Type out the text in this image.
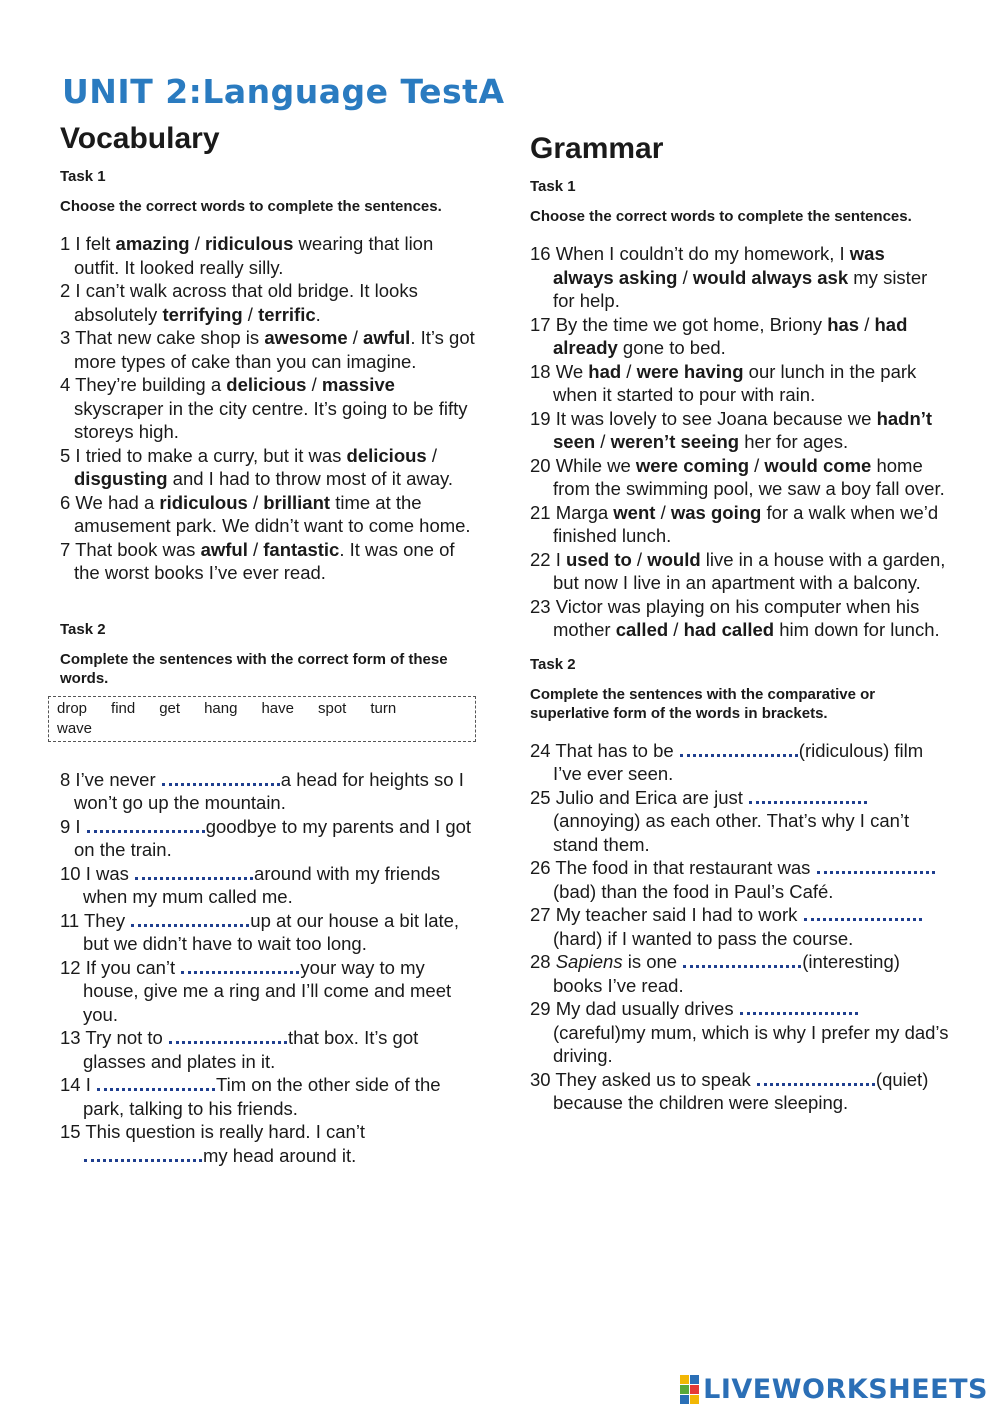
UNIT 2:Language TestA
Vocabulary
Task 1
Choose the correct words to complete the sentences.
1 I felt amazing / ridiculous wearing that lion outfit. It looked really silly.
2 I can’t walk across that old bridge. It looks absolutely terrifying / terrific.
3 That new cake shop is awesome / awful. It’s got more types of cake than you can imagine.
4 They’re building a delicious / massive skyscraper in the city centre. It’s going to be fifty storeys high.
5 I tried to make a curry, but it was delicious / disgusting and I had to throw most of it away.
6 We had a ridiculous / brilliant time at the amusement park. We didn’t want to come home.
7 That book was awful / fantastic. It was one of the worst books I’ve ever read.
Task 2
Complete the sentences with the correct form of these words.
drop find get hang have spot turnwave
8 I’ve never	a head for heights so I won’t go up the mountain.
9 I	goodbye to my parents and I got on the train.
10 I was	around with my friends when my mum called me.
11 They	up at our house a bit late, but we didn’t have to wait too long.
12 If you can’t	your way to my house, give me a ring and I’ll come and meet you.
13 Try not to	that box. It’s got glasses and plates in it.
14 I	Tim on the other side of the park, talking to his friends.
15 This question is really hard. I can’t my head around it.
Grammar
Task 1
Choose the correct words to complete the sentences.
16 When I couldn’t do my homework, I was always asking / would always ask my sister for help.
17 By the time we got home, Briony has / had already gone to bed.
18 We had / were having our lunch in the park when it started to pour with rain.
19 It was lovely to see Joana because we hadn’t seen / weren’t seeing her for ages.
20 While we were coming / would come home from the swimming pool, we saw a boy fall over.
21 Marga went / was going for a walk when we’d finished lunch.
22 I used to / would live in a house with a garden, but now I live in an apartment with a balcony.
23 Victor was playing on his computer when his mother called / had called him down for lunch.
Task 2
Complete the sentences with the comparative or superlative form of the words in brackets.
24 That has to be	(ridiculous) film I’ve ever seen.
25 Julio and Erica are just (annoying) as each other. That’s why I can’t stand them.
26 The food in that restaurant was (bad) than the food in Paul’s Café.
27 My teacher said I had to work (hard) if I wanted to pass the course.
28 Sapiens is one	(interesting) books I’ve read.
29 My dad usually drives (careful)my mum, which is why I prefer my dad’s driving.
30 They asked us to speak	(quiet) because the children were sleeping.
LIVEWORKSHEETS
